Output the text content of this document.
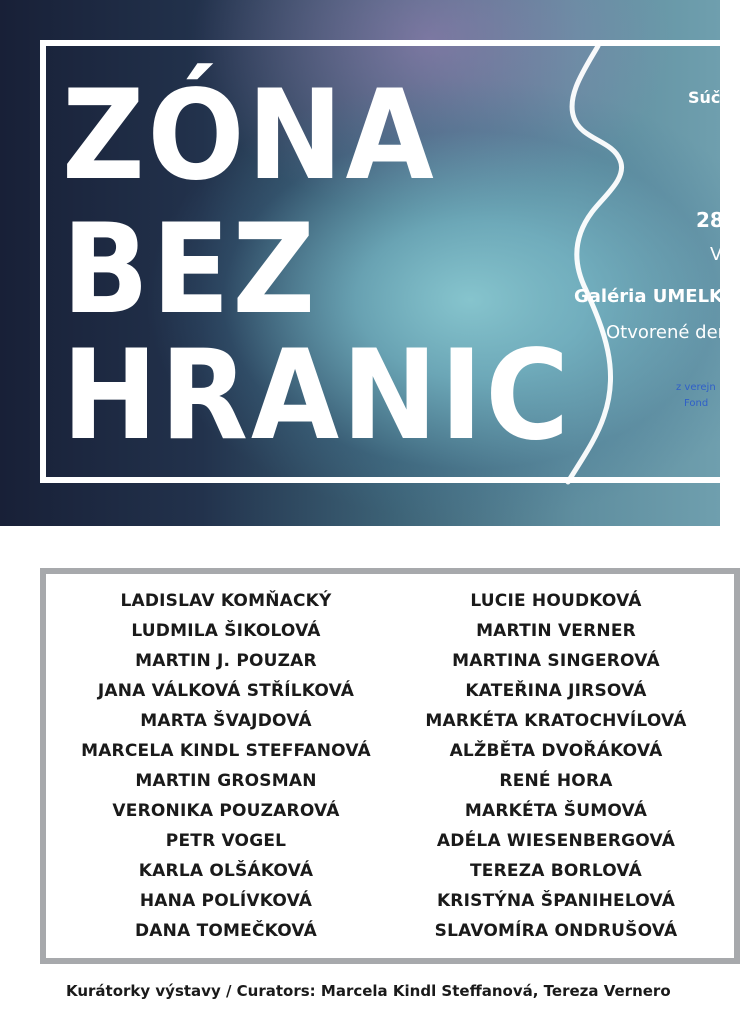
ZÓNA
BEZ
HRANIC
Súč
28
V
Galéria UMELK
Otvorené der
z verejn
Fond
LADISLAV KOMŇACKÝ
LUDMILA ŠIKOLOVÁ
MARTIN J. POUZAR
JANA VÁLKOVÁ STŘÍLKOVÁ
MARTA ŠVAJDOVÁ
MARCELA KINDL STEFFANOVÁ
MARTIN GROSMAN
VERONIKA POUZAROVÁ
PETR VOGEL
KARLA OLŠÁKOVÁ
HANA POLÍVKOVÁ
DANA TOMEČKOVÁ
LUCIE HOUDKOVÁ
MARTIN VERNER
MARTINA SINGEROVÁ
KATEŘINA JIRSOVÁ
MARKÉTA KRATOCHVÍLOVÁ
ALŽBĚTA DVOŘÁKOVÁ
RENÉ HORA
MARKÉTA ŠUMOVÁ
ADÉLA WIESENBERGOVÁ
TEREZA BORLOVÁ
KRISTÝNA ŠPANIHELOVÁ
SLAVOMÍRA ONDRUŠOVÁ
Kurátorky výstavy / Curators: Marcela Kindl Steffanová, Tereza Vernero
